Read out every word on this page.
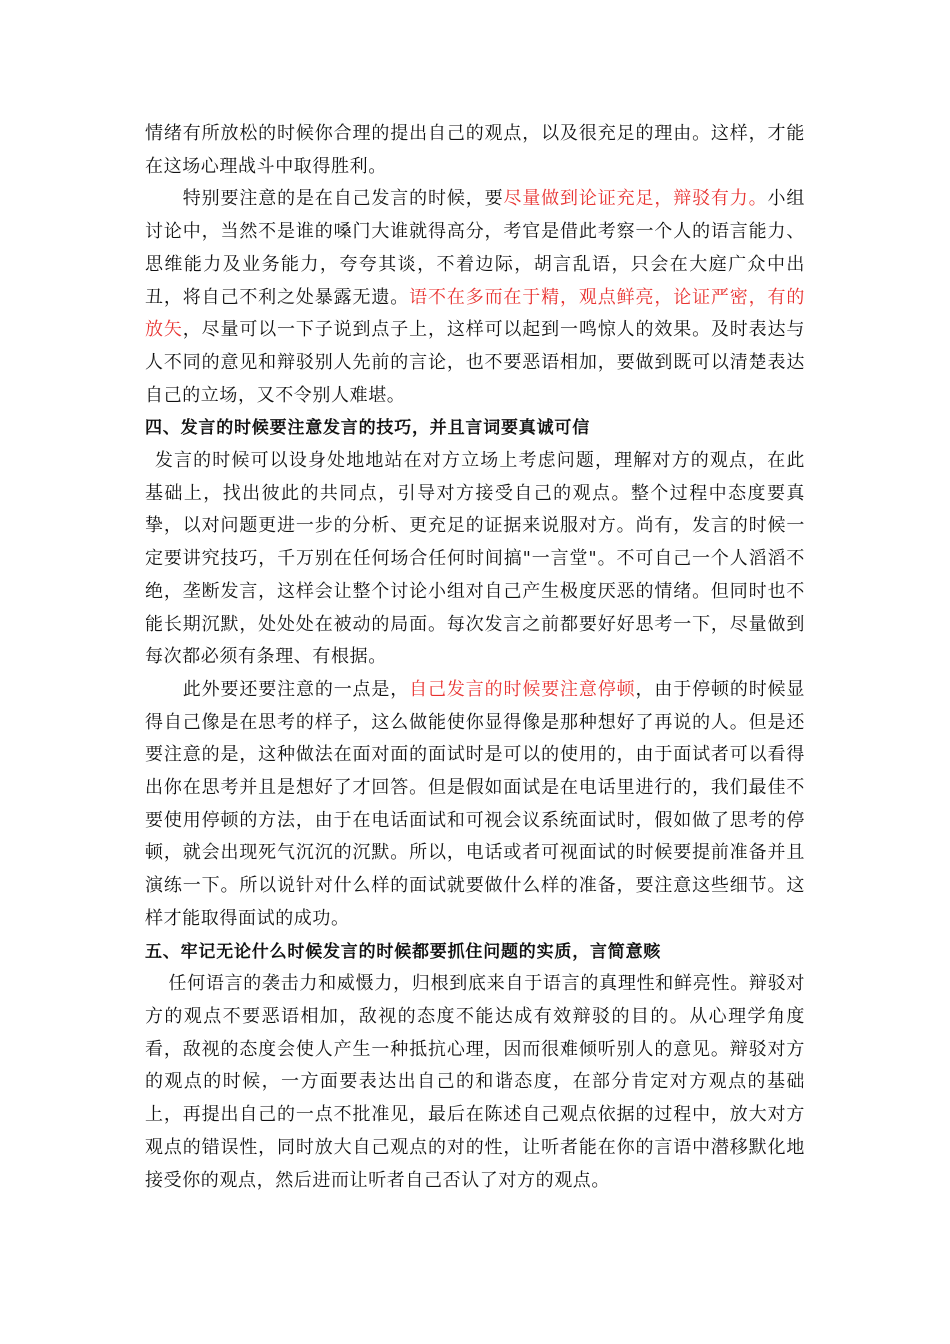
情绪有所放松的时候你合理的提出自己的观点，以及很充足的理由。这样，才能在这场心理战斗中取得胜利。

特别要注意的是在自己发言的时候，要尽量做到论证充足，辩驳有力。小组讨论中，当然不是谁的嗓门大谁就得高分，考官是借此考察一个人的语言能力、思维能力及业务能力，夸夸其谈，不着边际，胡言乱语，只会在大庭广众中出丑，将自己不利之处暴露无遗。语不在多而在于精，观点鲜亮，论证严密，有的放矢，尽量可以一下子说到点子上，这样可以起到一鸣惊人的效果。及时表达与人不同的意见和辩驳别人先前的言论，也不要恶语相加，要做到既可以清楚表达自己的立场，又不令别人难堪。

四、发言的时候要注意发言的技巧，并且言词要真诚可信

发言的时候可以设身处地地站在对方立场上考虑问题，理解对方的观点，在此基础上，找出彼此的共同点，引导对方接受自己的观点。整个过程中态度要真挚，以对问题更进一步的分析、更充足的证据来说服对方。尚有，发言的时候一定要讲究技巧，千万别在任何场合任何时间搞"一言堂"。不可自己一个人滔滔不绝，垄断发言，这样会让整个讨论小组对自己产生极度厌恶的情绪。但同时也不能长期沉默，处处处在被动的局面。每次发言之前都要好好思考一下，尽量做到每次都必须有条理、有根据。

此外要还要注意的一点是，自己发言的时候要注意停顿，由于停顿的时候显得自己像是在思考的样子，这么做能使你显得像是那种想好了再说的人。但是还要注意的是，这种做法在面对面的面试时是可以的使用的，由于面试者可以看得出你在思考并且是想好了才回答。但是假如面试是在电话里进行的，我们最佳不要使用停顿的方法，由于在电话面试和可视会议系统面试时，假如做了思考的停顿，就会出现死气沉沉的沉默。所以，电话或者可视面试的时候要提前准备并且演练一下。所以说针对什么样的面试就要做什么样的准备，要注意这些细节。这样才能取得面试的成功。

五、牢记无论什么时候发言的时候都要抓住问题的实质，言简意赅

任何语言的袭击力和威慑力，归根到底来自于语言的真理性和鲜亮性。辩驳对方的观点不要恶语相加，敌视的态度不能达成有效辩驳的目的。从心理学角度看，敌视的态度会使人产生一种抵抗心理，因而很难倾听别人的意见。辩驳对方的观点的时候，一方面要表达出自己的和谐态度，在部分肯定对方观点的基础上，再提出自己的一点不批准见，最后在陈述自己观点依据的过程中，放大对方观点的错误性，同时放大自己观点的对的性，让听者能在你的言语中潜移默化地接受你的观点，然后进而让听者自己否认了对方的观点。
